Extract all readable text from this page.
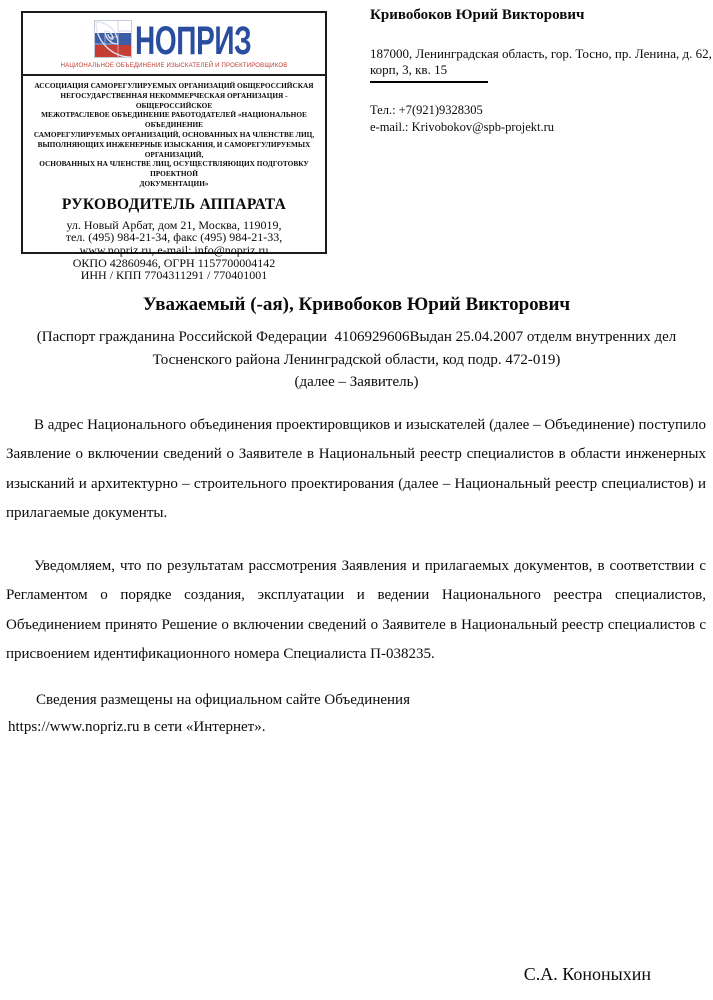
НОПРИЗ
НАЦИОНАЛЬНОЕ ОБЪЕДИНЕНИЕ ИЗЫСКАТЕЛЕЙ И ПРОЕКТИРОВЩИКОВ
АССОЦИАЦИЯ САМОРЕГУЛИРУЕМЫХ ОРГАНИЗАЦИЙ ОБЩЕРОССИЙСКАЯ
НЕГОСУДАРСТВЕННАЯ НЕКОММЕРЧЕСКАЯ ОРГАНИЗАЦИЯ - ОБЩЕРОССИЙСКОЕ
МЕЖОТРАСЛЕВОЕ ОБЪЕДИНЕНИЕ РАБОТОДАТЕЛЕЙ «НАЦИОНАЛЬНОЕ ОБЪЕДИНЕНИЕ
САМОРЕГУЛИРУЕМЫХ ОРГАНИЗАЦИЙ, ОСНОВАННЫХ НА ЧЛЕНСТВЕ ЛИЦ,
ВЫПОЛНЯЮЩИХ ИНЖЕНЕРНЫЕ ИЗЫСКАНИЯ, И САМОРЕГУЛИРУЕМЫХ ОРГАНИЗАЦИЙ,
ОСНОВАННЫХ НА ЧЛЕНСТВЕ ЛИЦ, ОСУЩЕСТВЛЯЮЩИХ ПОДГОТОВКУ ПРОЕКТНОЙ
ДОКУМЕНТАЦИИ»
РУКОВОДИТЕЛЬ АППАРАТА
ул. Новый Арбат, дом 21, Москва, 119019,
тел. (495) 984-21-34, факс (495) 984-21-33,
www.nopriz.ru, e-mail: info@nopriz.ru
ОКПО 42860946, ОГРН 1157700004142
ИНН / КПП 7704311291 / 770401001
Кривобоков Юрий Викторович
187000, Ленинградская область, гор. Тосно, пр. Ленина, д. 62, корп, 3, кв. 15
Тел.: +7(921)9328305
e-mail.: Krivobokov@spb-projekt.ru
Уважаемый (-ая), Кривобоков Юрий Викторович
(Паспорт гражданина Российской Федерации  4106929606Выдан 25.04.2007 отделм внутренних дел Тосненского района Ленинградской области, код подр. 472-019)
(далее – Заявитель)
В адрес Национального объединения проектировщиков и изыскателей (далее – Объединение) поступило Заявление о включении сведений о Заявителе в Национальный реестр специалистов в области инженерных изысканий и архитектурно – строительного проектирования (далее – Национальный реестр специалистов) и прилагаемые документы.
Уведомляем, что по результатам рассмотрения Заявления и прилагаемых документов, в соответствии с Регламентом о порядке создания, эксплуатации и ведении Национального реестра специалистов, Объединением принято Решение о включении сведений о Заявителе в Национальный реестр специалистов с присвоением идентификационного номера Специалиста П-038235.
Сведения размещены на официальном сайте Объединения
https://www.nopriz.ru в сети «Интернет».
С.А. Кононыхин
